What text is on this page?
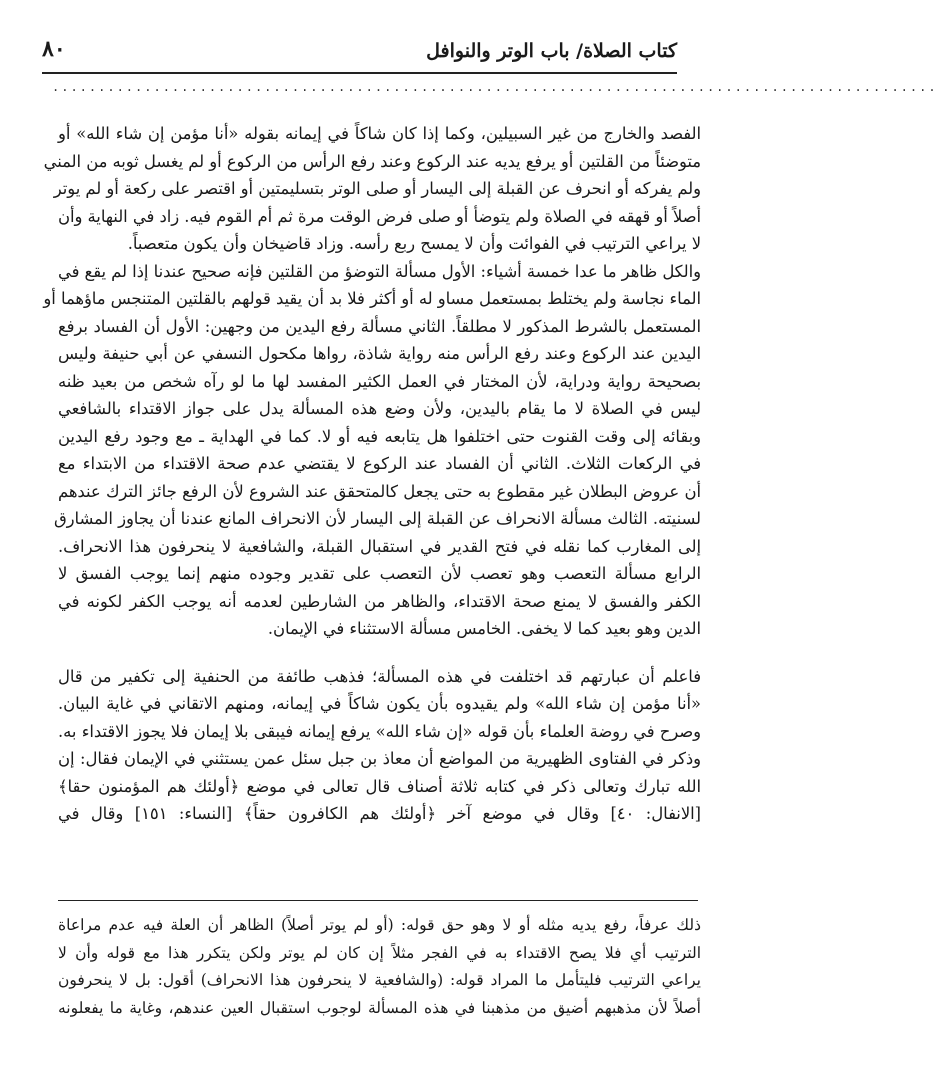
كتاب الصلاة/ باب الوتر والنوافل
٨٠
................................................................................................
الفصد والخارج من غير السبيلين، وكما إذا كان شاكاً في إيمانه بقوله «أنا مؤمن إن شاء الله» أو
متوضئاً من القلتين أو يرفع يديه عند الركوع وعند رفع الرأس من الركوع أو لم يغسل ثوبه من المني
ولم يفركه أو انحرف عن القبلة إلى اليسار أو صلى الوتر بتسليمتين أو اقتصر على ركعة أو لم يوتر
أصلاً أو قهقه في الصلاة ولم يتوضأ أو صلى فرض الوقت مرة ثم أم القوم فيه. زاد في النهاية وأن
لا يراعي الترتيب في الفوائت وأن لا يمسح ربع رأسه. وزاد قاضيخان وأن يكون متعصباً.
والكل ظاهر ما عدا خمسة أشياء: الأول مسألة التوضؤ من القلتين فإنه صحيح عندنا إذا لم يقع في
الماء نجاسة ولم يختلط بمستعمل مساو له أو أكثر فلا بد أن يقيد قولهم بالقلتين المتنجس ماؤهما أو
المستعمل بالشرط المذكور لا مطلقاً. الثاني مسألة رفع اليدين من وجهين: الأول أن الفساد برفع
اليدين عند الركوع وعند رفع الرأس منه رواية شاذة، رواها مكحول النسفي عن أبي حنيفة وليس
بصحيحة رواية ودراية، لأن المختار في العمل الكثير المفسد لها ما لو رآه شخص من بعيد ظنه
ليس في الصلاة لا ما يقام باليدين، ولأن وضع هذه المسألة يدل على جواز الاقتداء بالشافعي
وبقائه إلى وقت القنوت حتى اختلفوا هل يتابعه فيه أو لا. كما في الهداية ـ مع وجود رفع اليدين
في الركعات الثلاث. الثاني أن الفساد عند الركوع لا يقتضي عدم صحة الاقتداء من الابتداء مع
أن عروض البطلان غير مقطوع به حتى يجعل كالمتحقق عند الشروع لأن الرفع جائز الترك عندهم
لسنيته. الثالث مسألة الانحراف عن القبلة إلى اليسار لأن الانحراف المانع عندنا أن يجاوز المشارق
إلى المغارب كما نقله في فتح القدير في استقبال القبلة، والشافعية لا ينحرفون هذا الانحراف.
الرابع مسألة التعصب وهو تعصب لأن التعصب على تقدير وجوده منهم إنما يوجب الفسق لا
الكفر والفسق لا يمنع صحة الاقتداء، والظاهر من الشارطين لعدمه أنه يوجب الكفر لكونه في
الدين وهو بعيد كما لا يخفى. الخامس مسألة الاستثناء في الإيمان.
فاعلم أن عبارتهم قد اختلفت في هذه المسألة؛ فذهب طائفة من الحنفية إلى تكفير من قال
«أنا مؤمن إن شاء الله» ولم يقيدوه بأن يكون شاكاً في إيمانه، ومنهم الاتقاني في غاية البيان.
وصرح في روضة العلماء بأن قوله «إن شاء الله» يرفع إيمانه فيبقى بلا إيمان فلا يجوز الاقتداء به.
وذكر في الفتاوى الظهيرية من المواضع أن معاذ بن جبل سئل عمن يستثني في الإيمان فقال: إن
الله تبارك وتعالى ذكر في كتابه ثلاثة أصناف قال تعالى في موضع ﴿أولئك هم المؤمنون حقا﴾
[الانفال: ٤٠] وقال في موضع آخر ﴿أولئك هم الكافرون حقاً﴾ [النساء: ١٥١] وقال في
ذلك عرفاً، رفع يديه مثله أو لا وهو حق قوله: (أو لم يوتر أصلاً) الظاهر أن العلة فيه عدم مراعاة
الترتيب أي فلا يصح الاقتداء به في الفجر مثلاً إن كان لم يوتر ولكن يتكرر هذا مع قوله وأن لا
يراعي الترتيب فليتأمل ما المراد قوله: (والشافعية لا ينحرفون هذا الانحراف) أقول: بل لا ينحرفون
أصلاً لأن مذهبهم أضيق من مذهبنا في هذه المسألة لوجوب استقبال العين عندهم، وغاية ما يفعلونه
